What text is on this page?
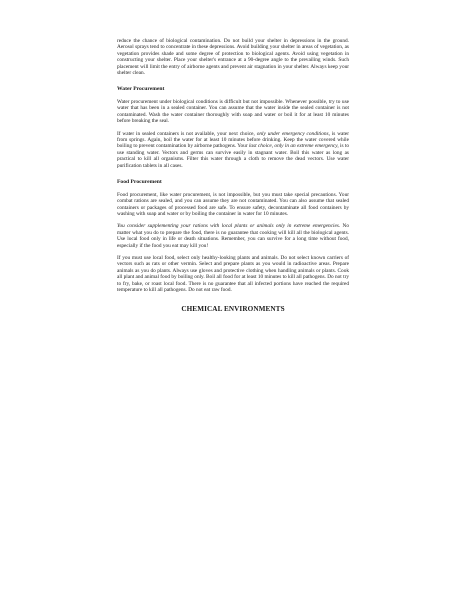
reduce the chance of biological contamination. Do not build your shelter in depressions in the ground. Aerosol sprays tend to concentrate in these depressions. Avoid building your shelter in areas of vegetation, as vegetation provides shade and some degree of protection to biological agents. Avoid using vegetation in constructing your shelter. Place your shelter's entrance at a 90-degree angle to the prevailing winds. Such placement will limit the entry of airborne agents and prevent air stagnation in your shelter. Always keep your shelter clean.

Water Procurement

Water procurement under biological conditions is difficult but not impossible. Whenever possible, try to use water that has been in a sealed container. You can assume that the water inside the sealed container is not contaminated. Wash the water container thoroughly with soap and water or boil it for at least 10 minutes before breaking the seal.

If water in sealed containers is not available, your next choice, only under emergency conditions, is water from springs. Again, boil the water for at least 10 minutes before drinking. Keep the water covered while boiling to prevent contamination by airborne pathogens. Your last choice, only in an extreme emergency, is to use standing water. Vectors and germs can survive easily in stagnant water. Boil this water as long as practical to kill all organisms. Filter this water through a cloth to remove the dead vectors. Use water purification tablets in all cases.

Food Procurement

Food procurement, like water procurement, is not impossible, but you must take special precautions. Your combat rations are sealed, and you can assume they are not contaminated. You can also assume that sealed containers or packages of processed food are safe. To ensure safety, decontaminate all food containers by washing with soap and water or by boiling the container in water for 10 minutes.

You consider supplementing your rations with local plants or animals only in extreme emergencies. No matter what you do to prepare the food, there is no guarantee that cooking will kill all the biological agents. Use local food only in life or death situations. Remember, you can survive for a long time without food, especially if the food you eat may kill you!

If you must use local food, select only healthy-looking plants and animals. Do not select known carriers of vectors such as rats or other vermin. Select and prepare plants as you would in radioactive areas. Prepare animals as you do plants. Always use gloves and protective clothing when handling animals or plants. Cook all plant and animal food by boiling only. Boil all food for at least 10 minutes to kill all pathogens. Do not try to fry, bake, or roast local food. There is no guarantee that all infected portions have reached the required temperature to kill all pathogens. Do not eat raw food.

CHEMICAL ENVIRONMENTS
